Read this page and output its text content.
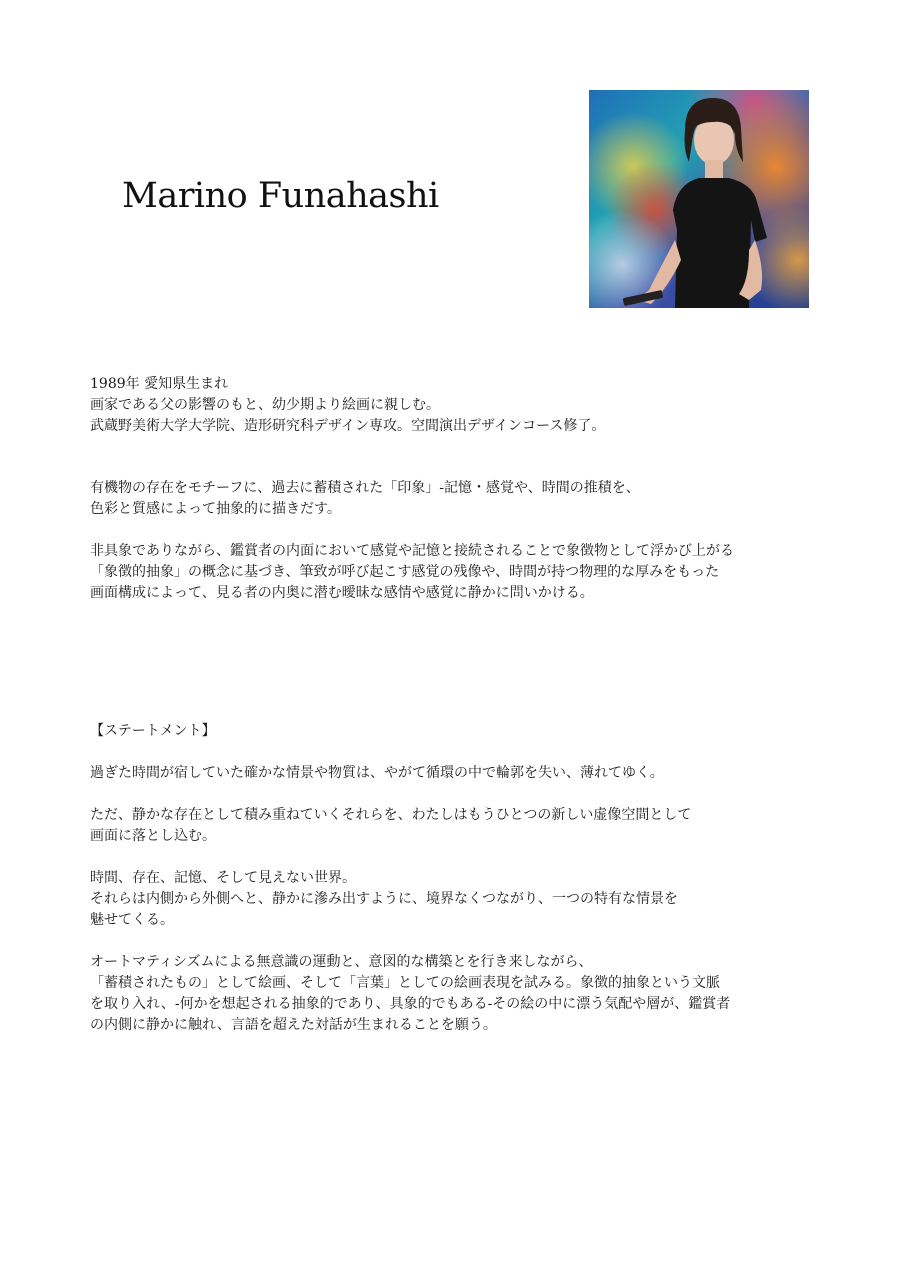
Marino Funahashi
1989年 愛知県生まれ
画家である父の影響のもと、幼少期より絵画に親しむ。
武蔵野美術大学大学院、造形研究科デザイン専攻。空間演出デザインコース修了。
有機物の存在をモチーフに、過去に蓄積された「印象」-記憶・感覚や、時間の推積を、
色彩と質感によって抽象的に描きだす。
非具象でありながら、鑑賞者の内面において感覚や記憶と接続されることで象徴物として浮かび上がる
「象徴的抽象」の概念に基づき、筆致が呼び起こす感覚の残像や、時間が持つ物理的な厚みをもった
画面構成によって、見る者の内奥に潜む曖昧な感情や感覚に静かに問いかける。
【ステートメント】
過ぎた時間が宿していた確かな情景や物質は、やがて循環の中で輪郭を失い、薄れてゆく。
ただ、静かな存在として積み重ねていくそれらを、わたしはもうひとつの新しい虚像空間として
画面に落とし込む。
時間、存在、記憶、そして見えない世界。
それらは内側から外側へと、静かに滲み出すように、境界なくつながり、一つの特有な情景を
魅せてくる。
オートマティシズムによる無意識の運動と、意図的な構築とを行き来しながら、
「蓄積されたもの」として絵画、そして「言葉」としての絵画表現を試みる。象徴的抽象という文脈
を取り入れ、-何かを想起される抽象的であり、具象的でもある-その絵の中に漂う気配や層が、鑑賞者
の内側に静かに触れ、言語を超えた対話が生まれることを願う。
